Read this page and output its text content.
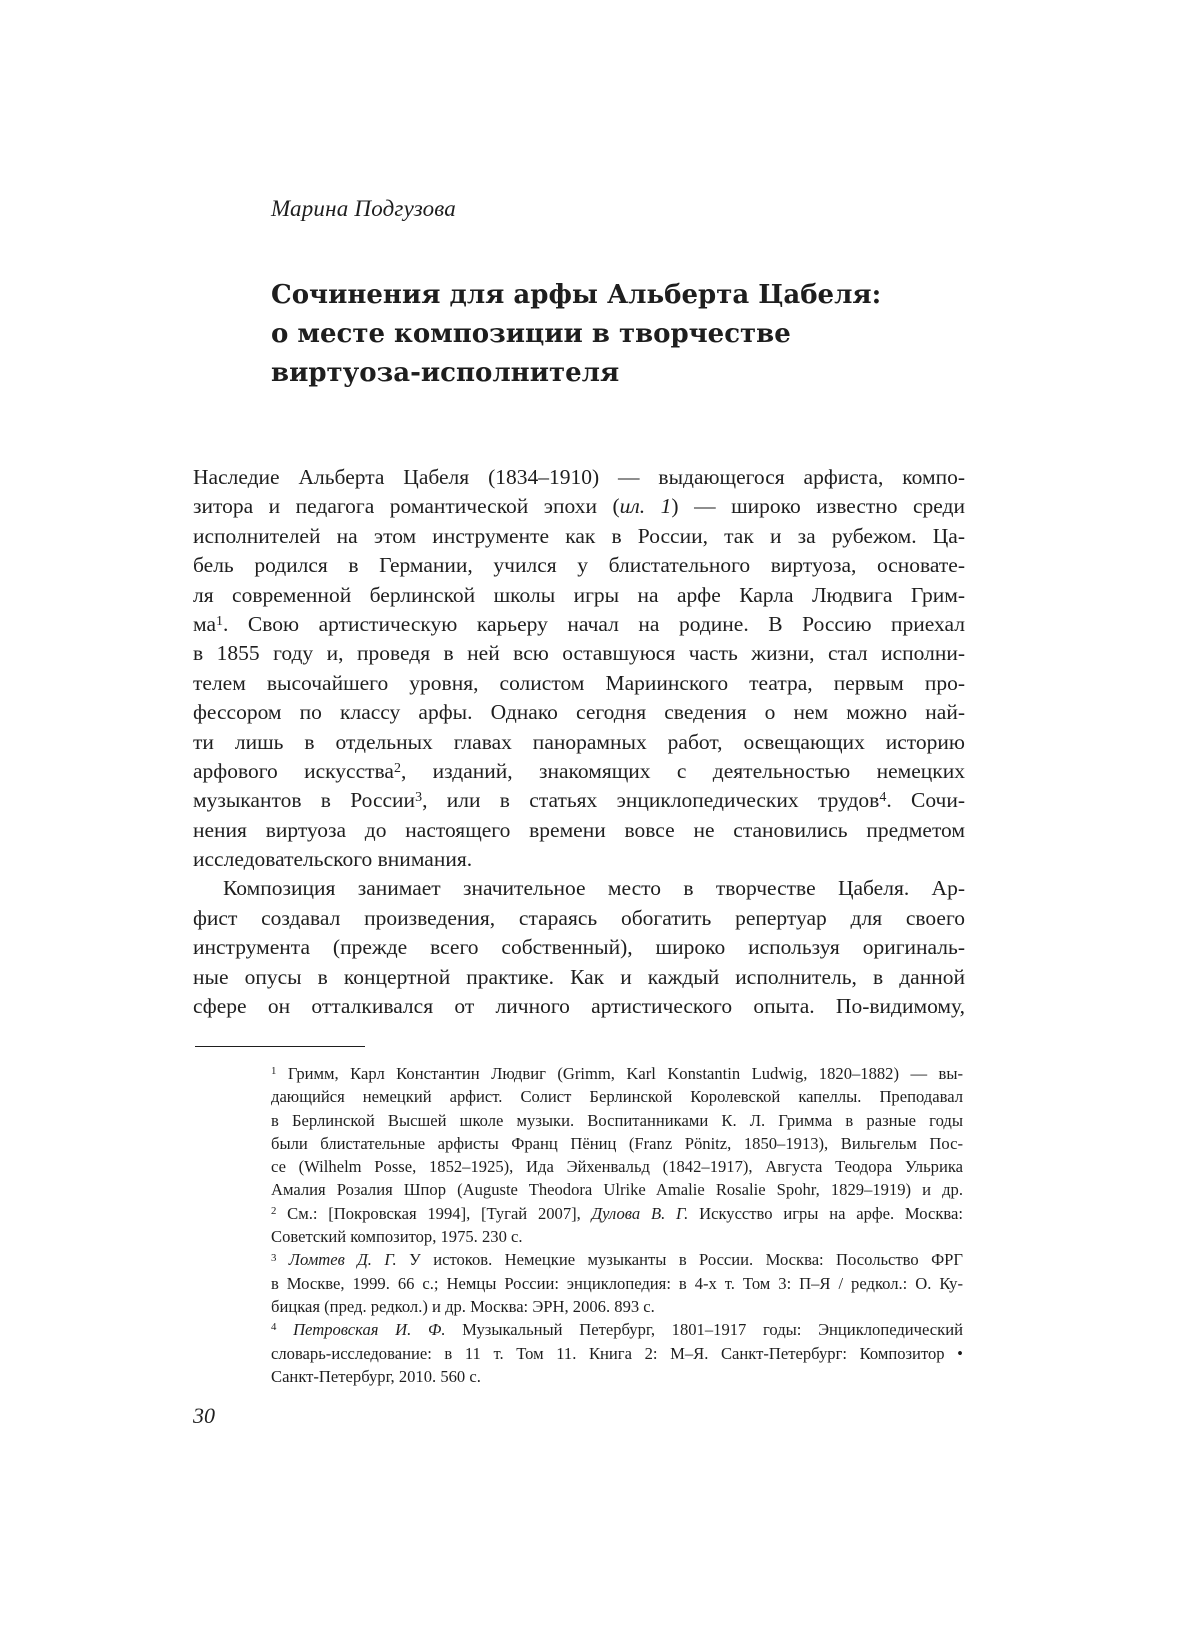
Марина Подгузова
Сочинения для арфы Альберта Цабеля:
о месте композиции в творчестве
виртуоза-исполнителя
Наследие Альберта Цабеля (1834–1910) — выдающегося арфиста, компо-
зитора и педагога романтической эпохи (ил. 1) — широко известно среди
исполнителей на этом инструменте как в России, так и за рубежом. Ца-
бель родился в Германии, учился у блистательного виртуоза, основате-
ля современной берлинской школы игры на арфе Карла Людвига Грим-
ма1. Свою артистическую карьеру начал на родине. В Россию приехал
в 1855 году и, проведя в ней всю оставшуюся часть жизни, стал исполни-
телем высочайшего уровня, солистом Мариинского театра, первым про-
фессором по классу арфы. Однако сегодня сведения о нем можно най-
ти лишь в отдельных главах панорамных работ, освещающих историю
арфового искусства2, изданий, знакомящих с деятельностью немецких
музыкантов в России3, или в статьях энциклопедических трудов4. Сочи-
нения виртуоза до настоящего времени вовсе не становились предметом
исследовательского внимания.
Композиция занимает значительное место в творчестве Цабеля. Ар-
фист создавал произведения, стараясь обогатить репертуар для своего
инструмента (прежде всего собственный), широко используя оригиналь-
ные опусы в концертной практике. Как и каждый исполнитель, в данной
сфере он отталкивался от личного артистического опыта. По-видимому,
1 Гримм, Карл Константин Людвиг (Grimm, Karl Konstantin Ludwig, 1820–1882) — вы-
дающийся немецкий арфист. Солист Берлинской Королевской капеллы. Преподавал
в Берлинской Высшей школе музыки. Воспитанниками К. Л. Гримма в разные годы
были блистательные арфисты Франц Пёниц (Franz Pönitz, 1850–1913), Вильгельм Пос-
се (Wilhelm Posse, 1852–1925), Ида Эйхенвальд (1842–1917), Августа Теодора Ульрика
Амалия Розалия Шпор (Auguste Theodora Ulrike Amalie Rosalie Spohr, 1829–1919) и др.
2 См.: [Покровская 1994], [Тугай 2007], Дулова В. Г. Искусство игры на арфе. Москва:
Советский композитор, 1975. 230 с.
3 Ломтев Д. Г. У истоков. Немецкие музыканты в России. Москва: Посольство ФРГ
в Москве, 1999. 66 с.; Немцы России: энциклопедия: в 4-х т. Том 3: П–Я / редкол.: О. Ку-
бицкая (пред. редкол.) и др. Москва: ЭРН, 2006. 893 с.
4 Петровская И. Ф. Музыкальный Петербург, 1801–1917 годы: Энциклопедический
словарь-исследование: в 11 т. Том 11. Книга 2: М–Я. Санкт-Петербург: Композитор •
Санкт-Петербург, 2010. 560 с.
30
